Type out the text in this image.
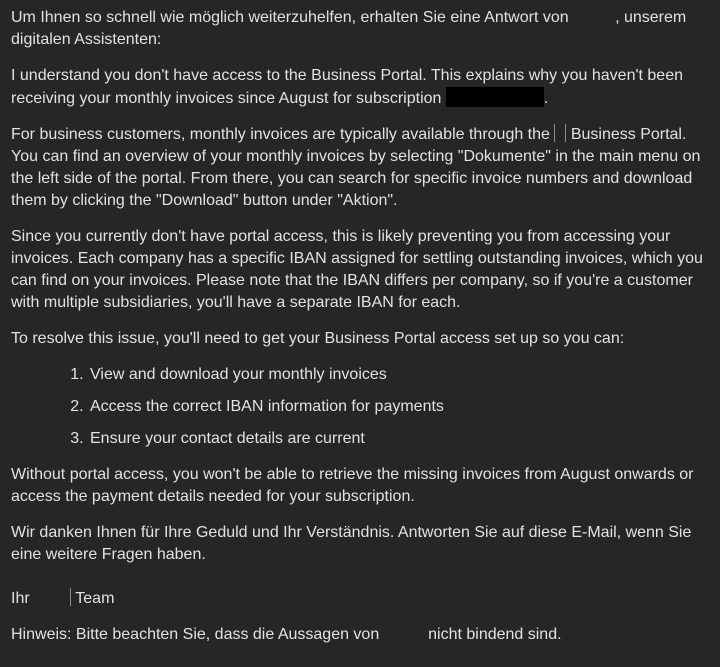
Um Ihnen so schnell wie möglich weiterzuhelfen, erhalten Sie eine Antwort von	, unserem digitalen Assistenten:

I understand you don't have access to the Business Portal. This explains why you haven't been receiving your monthly invoices since August for subscription	.

For business customers, monthly invoices are typically available through the  Business Portal. You can find an overview of your monthly invoices by selecting "Dokumente" in the main menu on the left side of the portal. From there, you can search for specific invoice numbers and download them by clicking the "Download" button under "Aktion".

Since you currently don't have portal access, this is likely preventing you from accessing your invoices. Each company has a specific IBAN assigned for settling outstanding invoices, which you can find on your invoices. Please note that the IBAN differs per company, so if you're a customer with multiple subsidiaries, you'll have a separate IBAN for each.

To resolve this issue, you'll need to get your Business Portal access set up so you can:

1. View and download your monthly invoices
2. Access the correct IBAN information for payments
3. Ensure your contact details are current

Without portal access, you won't be able to retrieve the missing invoices from August onwards or access the payment details needed for your subscription.

Wir danken Ihnen für Ihre Geduld und Ihr Verständnis. Antworten Sie auf diese E-Mail, wenn Sie eine weitere Fragen haben.

Ihr  Team

Hinweis: Bitte beachten Sie, dass die Aussagen von	nicht bindend sind.
